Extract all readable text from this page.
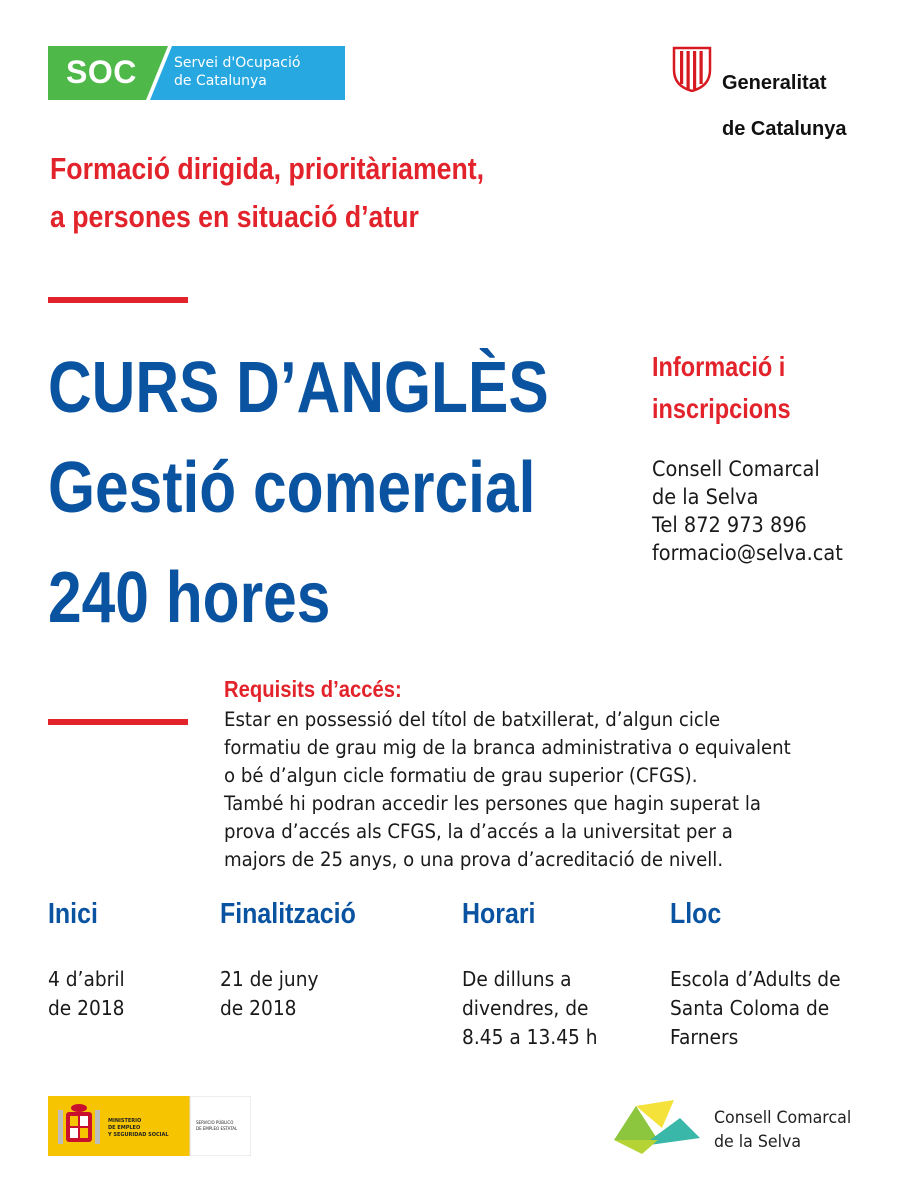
SOC	Servei d'Ocupació
de Catalunya	Generalitat

de Catalunya

Formació dirigida, prioritàriament,
a persones en situació d’atur
CURS D’ANGLÈS
Gestió comercial
240 hores
Informació i
inscripcions
Consell Comarcal
de la Selva
Tel 872 973 896
formacio@selva.cat
Requisits d’accés:
Estar en possessió del títol de batxillerat, d’algun cicle
formatiu de grau mig de la branca administrativa o equivalent
o bé d’algun cicle formatiu de grau superior (CFGS).
També hi podran accedir les persones que hagin superat la
prova d’accés als CFGS, la d’accés a la universitat per a
majors de 25 anys, o una prova d’acreditació de nivell.
Inici
4 d’abril
de 2018
Finalització
21 de juny
de 2018
Horari
De dilluns a
divendres, de
8.45 a 13.45 h
Lloc
Escola d’Adults de
Santa Coloma de
Farners
MINISTERIO
DE EMPLEO
Y SEGURIDAD SOCIAL
SERVICIO PÚBLICO
DE EMPLEO ESTATAL
Consell Comarcal
de la Selva
